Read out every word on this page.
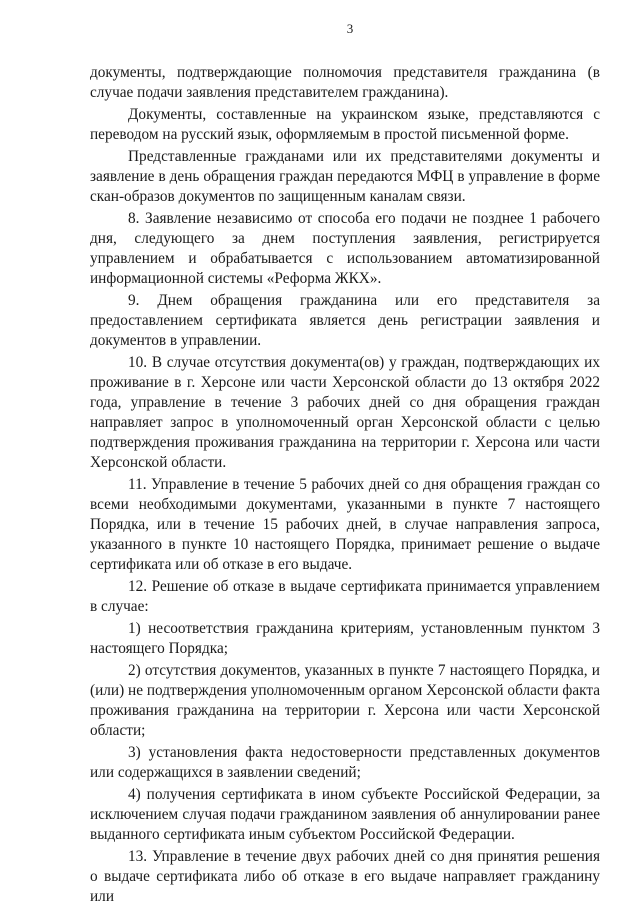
3

документы, подтверждающие полномочия представителя гражданина (в случае подачи заявления представителем гражданина).

Документы, составленные на украинском языке, представляются с переводом на русский язык, оформляемым в простой письменной форме.

Представленные гражданами или их представителями документы и заявление в день обращения граждан передаются МФЦ в управление в форме скан-образов документов по защищенным каналам связи.

8. Заявление независимо от способа его подачи не позднее 1 рабочего дня, следующего за днем поступления заявления, регистрируется управлением и обрабатывается с использованием автоматизированной информационной системы «Реформа ЖКХ».

9. Днем обращения гражданина или его представителя за предоставлением сертификата является день регистрации заявления и документов в управлении.

10. В случае отсутствия документа(ов) у граждан, подтверждающих их проживание в г. Херсоне или части Херсонской области до 13 октября 2022 года, управление в течение 3 рабочих дней со дня обращения граждан направляет запрос в уполномоченный орган Херсонской области с целью подтверждения проживания гражданина на территории г. Херсона или части Херсонской области.

11. Управление в течение 5 рабочих дней со дня обращения граждан со всеми необходимыми документами, указанными в пункте 7 настоящего Порядка, или в течение 15 рабочих дней, в случае направления запроса, указанного в пункте 10 настоящего Порядка, принимает решение о выдаче сертификата или об отказе в его выдаче.

12. Решение об отказе в выдаче сертификата принимается управлением в случае:

1) несоответствия гражданина критериям, установленным пунктом 3 настоящего Порядка;

2) отсутствия документов, указанных в пункте 7 настоящего Порядка, и (или) не подтверждения уполномоченным органом Херсонской области факта проживания гражданина на территории г. Херсона или части Херсонской области;

3) установления факта недостоверности представленных документов или содержащихся в заявлении сведений;

4) получения сертификата в ином субъекте Российской Федерации, за исключением случая подачи гражданином заявления об аннулировании ранее выданного сертификата иным субъектом Российской Федерации.

13. Управление в течение двух рабочих дней со дня принятия решения о выдаче сертификата либо об отказе в его выдаче направляет гражданину или
